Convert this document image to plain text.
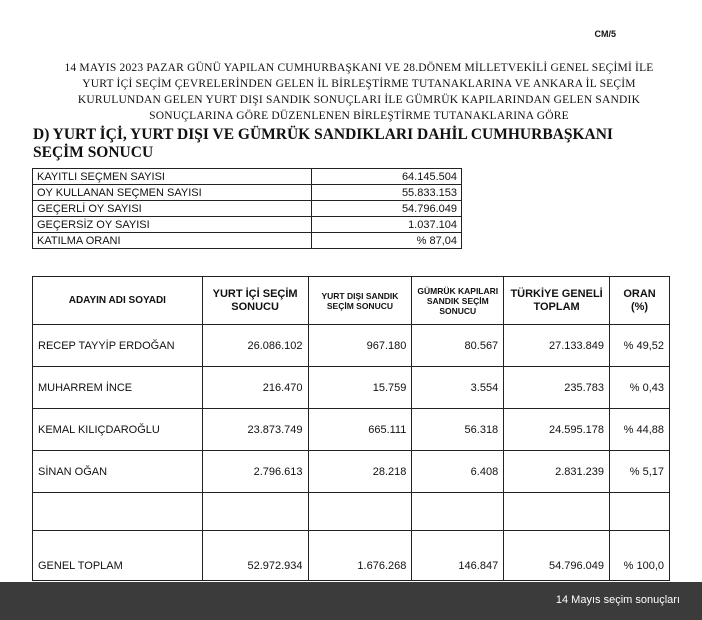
CM/5
14 MAYIS 2023 PAZAR GÜNÜ YAPILAN CUMHURBAŞKANI VE 28.DÖNEM MİLLETVEKİLİ GENEL SEÇİMİ İLE
YURT İÇİ SEÇİM ÇEVRELERİNDEN GELEN İL BİRLEŞTİRME TUTANAKLARINA VE ANKARA İL SEÇİM
KURULUNDAN GELEN YURT DIŞI SANDIK SONUÇLARI İLE GÜMRÜK KAPILARINDAN GELEN SANDIK
SONUÇLARINA GÖRE DÜZENLENEN BİRLEŞTİRME TUTANAKLARINA GÖRE
D) YURT İÇİ, YURT DIŞI VE GÜMRÜK SANDIKLARI DAHİL CUMHURBAŞKANI
SEÇİM SONUCU
KAYITLI SEÇMEN SAYISI	64.145.504
OY KULLANAN SEÇMEN SAYISI	55.833.153
GEÇERLİ OY SAYISI	54.796.049
GEÇERSİZ OY SAYISI	1.037.104
KATILMA ORANI	% 87,04
ADAYIN ADI SOYADI	YURT İÇİ SEÇİM SONUCU	YURT DIŞI SANDIK SEÇİM SONUCU	GÜMRÜK KAPILARI SANDIK SEÇİM SONUCU	TÜRKİYE GENELİ TOPLAM	ORAN (%)
RECEP TAYYİP ERDOĞAN	26.086.102	967.180	80.567	27.133.849	% 49,52
MUHARREM İNCE	216.470	15.759	3.554	235.783	% 0,43
KEMAL KILIÇDAROĞLU	23.873.749	665.111	56.318	24.595.178	% 44,88
SİNAN OĞAN	2.796.613	28.218	6.408	2.831.239	% 5,17

GENEL TOPLAM	52.972.934	1.676.268	146.847	54.796.049	% 100,0
14 Mayıs seçim sonuçları
